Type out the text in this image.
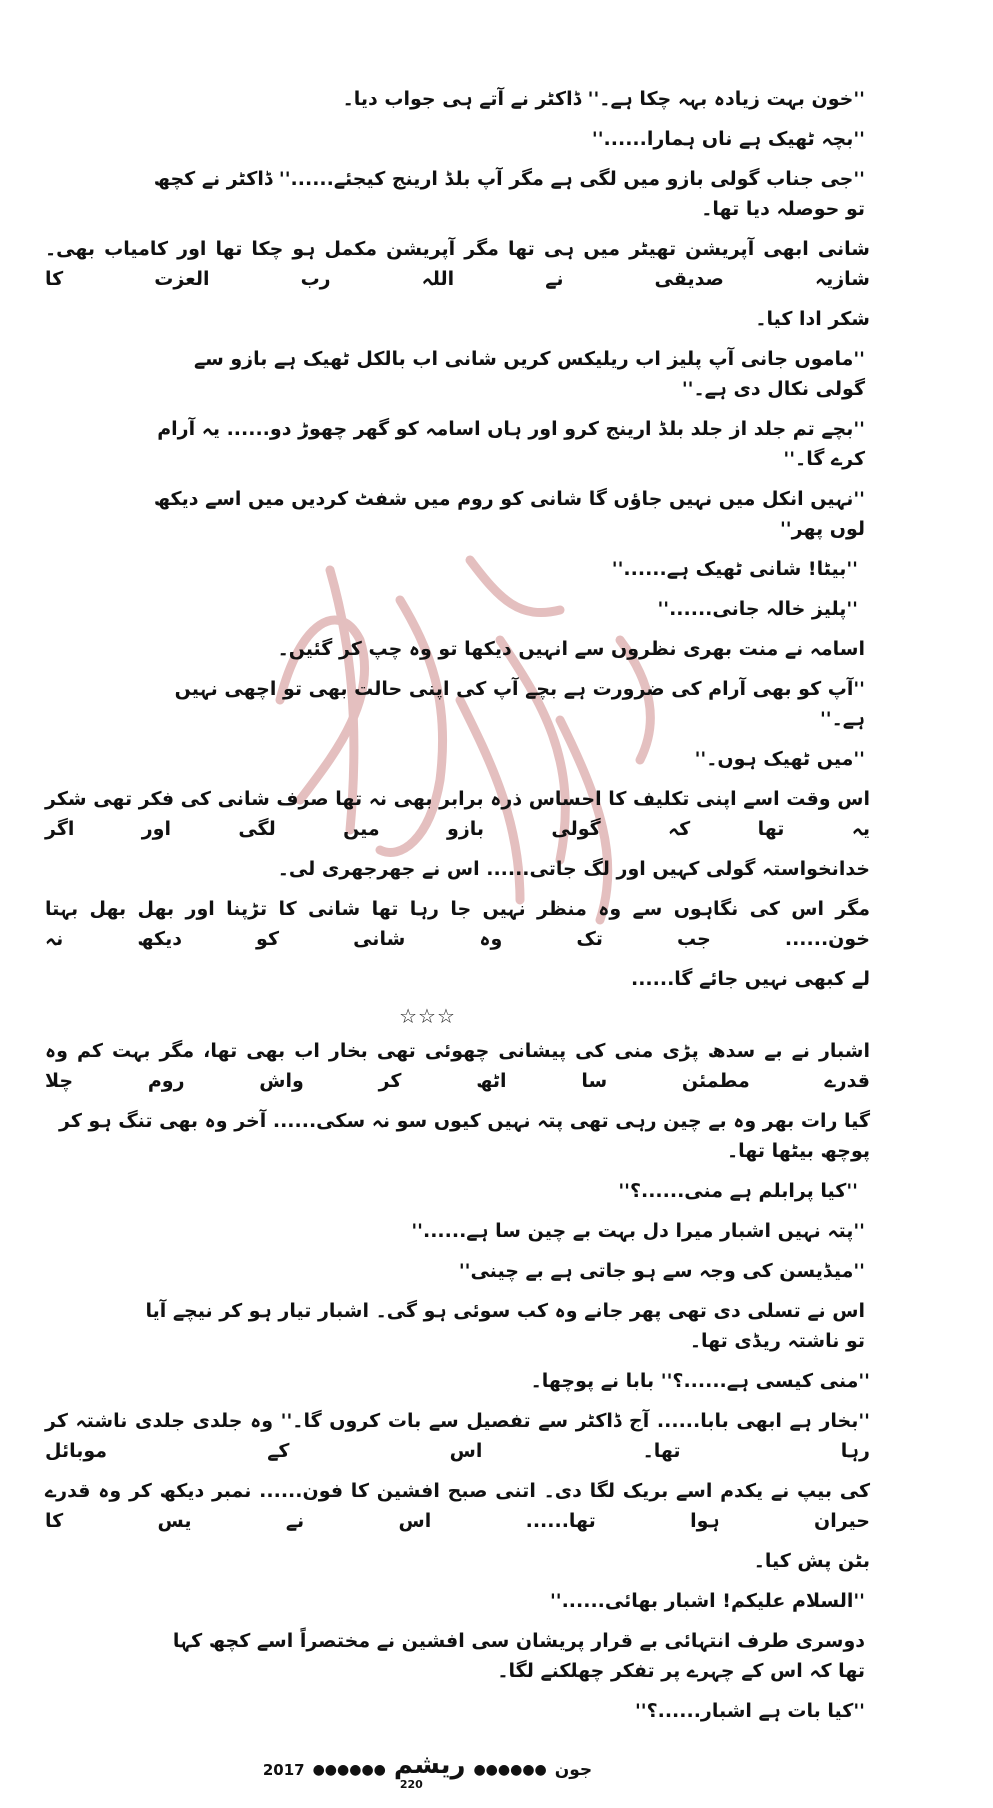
''خون بہت زیادہ بہہ چکا ہے۔'' ڈاکٹر نے آتے ہی جواب دیا۔
''بچہ ٹھیک ہے ناں ہمارا......''
''جی جناب گولی بازو میں لگی ہے مگر آپ بلڈ ارینج کیجئے......'' ڈاکٹر نے کچھ تو حوصلہ دیا تھا۔
شانی ابھی آپریشن تھیٹر میں ہی تھا مگر آپریشن مکمل ہو چکا تھا اور کامیاب بھی۔ شازیہ صدیقی نے اللہ رب العزت کا
شکر ادا کیا۔
''ماموں جانی آپ پلیز اب ریلیکس کریں شانی اب بالکل ٹھیک ہے بازو سے گولی نکال دی ہے۔''
''بچے تم جلد از جلد بلڈ ارینج کرو اور ہاں اسامہ کو گھر چھوڑ دو...... یہ آرام کرے گا۔''
''نہیں انکل میں نہیں جاؤں گا شانی کو روم میں شفٹ کردیں میں اسے دیکھ لوں پھر''
''بیٹا! شانی ٹھیک ہے......''
''پلیز خالہ جانی......''
اسامہ نے منت بھری نظروں سے انہیں دیکھا تو وہ چپ کر گئیں۔
''آپ کو بھی آرام کی ضرورت ہے بچے آپ کی اپنی حالت بھی تو اچھی نہیں ہے۔''
''میں ٹھیک ہوں۔''
اس وقت اسے اپنی تکلیف کا احساس ذرہ برابر بھی نہ تھا صرف شانی کی فکر تھی شکر یہ تھا کہ گولی بازو میں لگی اور اگر
خدانخواستہ گولی کہیں اور لگ جاتی...... اس نے جھرجھری لی۔
مگر اس کی نگاہوں سے وہ منظر نہیں جا رہا تھا شانی کا تڑپنا اور بھل بھل بہتا خون...... جب تک وہ شانی کو دیکھ نہ
لے کبھی نہیں جائے گا......
☆☆☆
اشبار نے بے سدھ پڑی منی کی پیشانی چھوئی تھی بخار اب بھی تھا، مگر بہت کم وہ قدرے مطمئن سا اٹھ کر واش روم چلا
گیا رات بھر وہ بے چین رہی تھی پتہ نہیں کیوں سو نہ سکی...... آخر وہ بھی تنگ ہو کر پوچھ بیٹھا تھا۔
''کیا پرابلم ہے منی......؟''
''پتہ نہیں اشبار میرا دل بہت بے چین سا ہے......''
''میڈیسن کی وجہ سے ہو جاتی ہے بے چینی''
اس نے تسلی دی تھی پھر جانے وہ کب سوئی ہو گی۔ اشبار تیار ہو کر نیچے آیا تو ناشتہ ریڈی تھا۔
''منی کیسی ہے......؟'' بابا نے پوچھا۔
''بخار ہے ابھی بابا...... آج ڈاکٹر سے تفصیل سے بات کروں گا۔'' وہ جلدی جلدی ناشتہ کر رہا تھا۔ اس کے موبائل
کی بیپ نے یکدم اسے بریک لگا دی۔ اتنی صبح افشین کا فون...... نمبر دیکھ کر وہ قدرے حیران ہوا تھا...... اس نے یس کا
بٹن پش کیا۔
''السلام علیکم! اشبار بھائی......''
دوسری طرف انتہائی بے قرار پریشان سی افشین نے مختصراً اسے کچھ کہا تھا کہ اس کے چہرے پر تفکر چھلکنے لگا۔
''کیا بات ہے اشبار......؟''
2017 ●●●●●● ریشم
220
●●●●●● جون
